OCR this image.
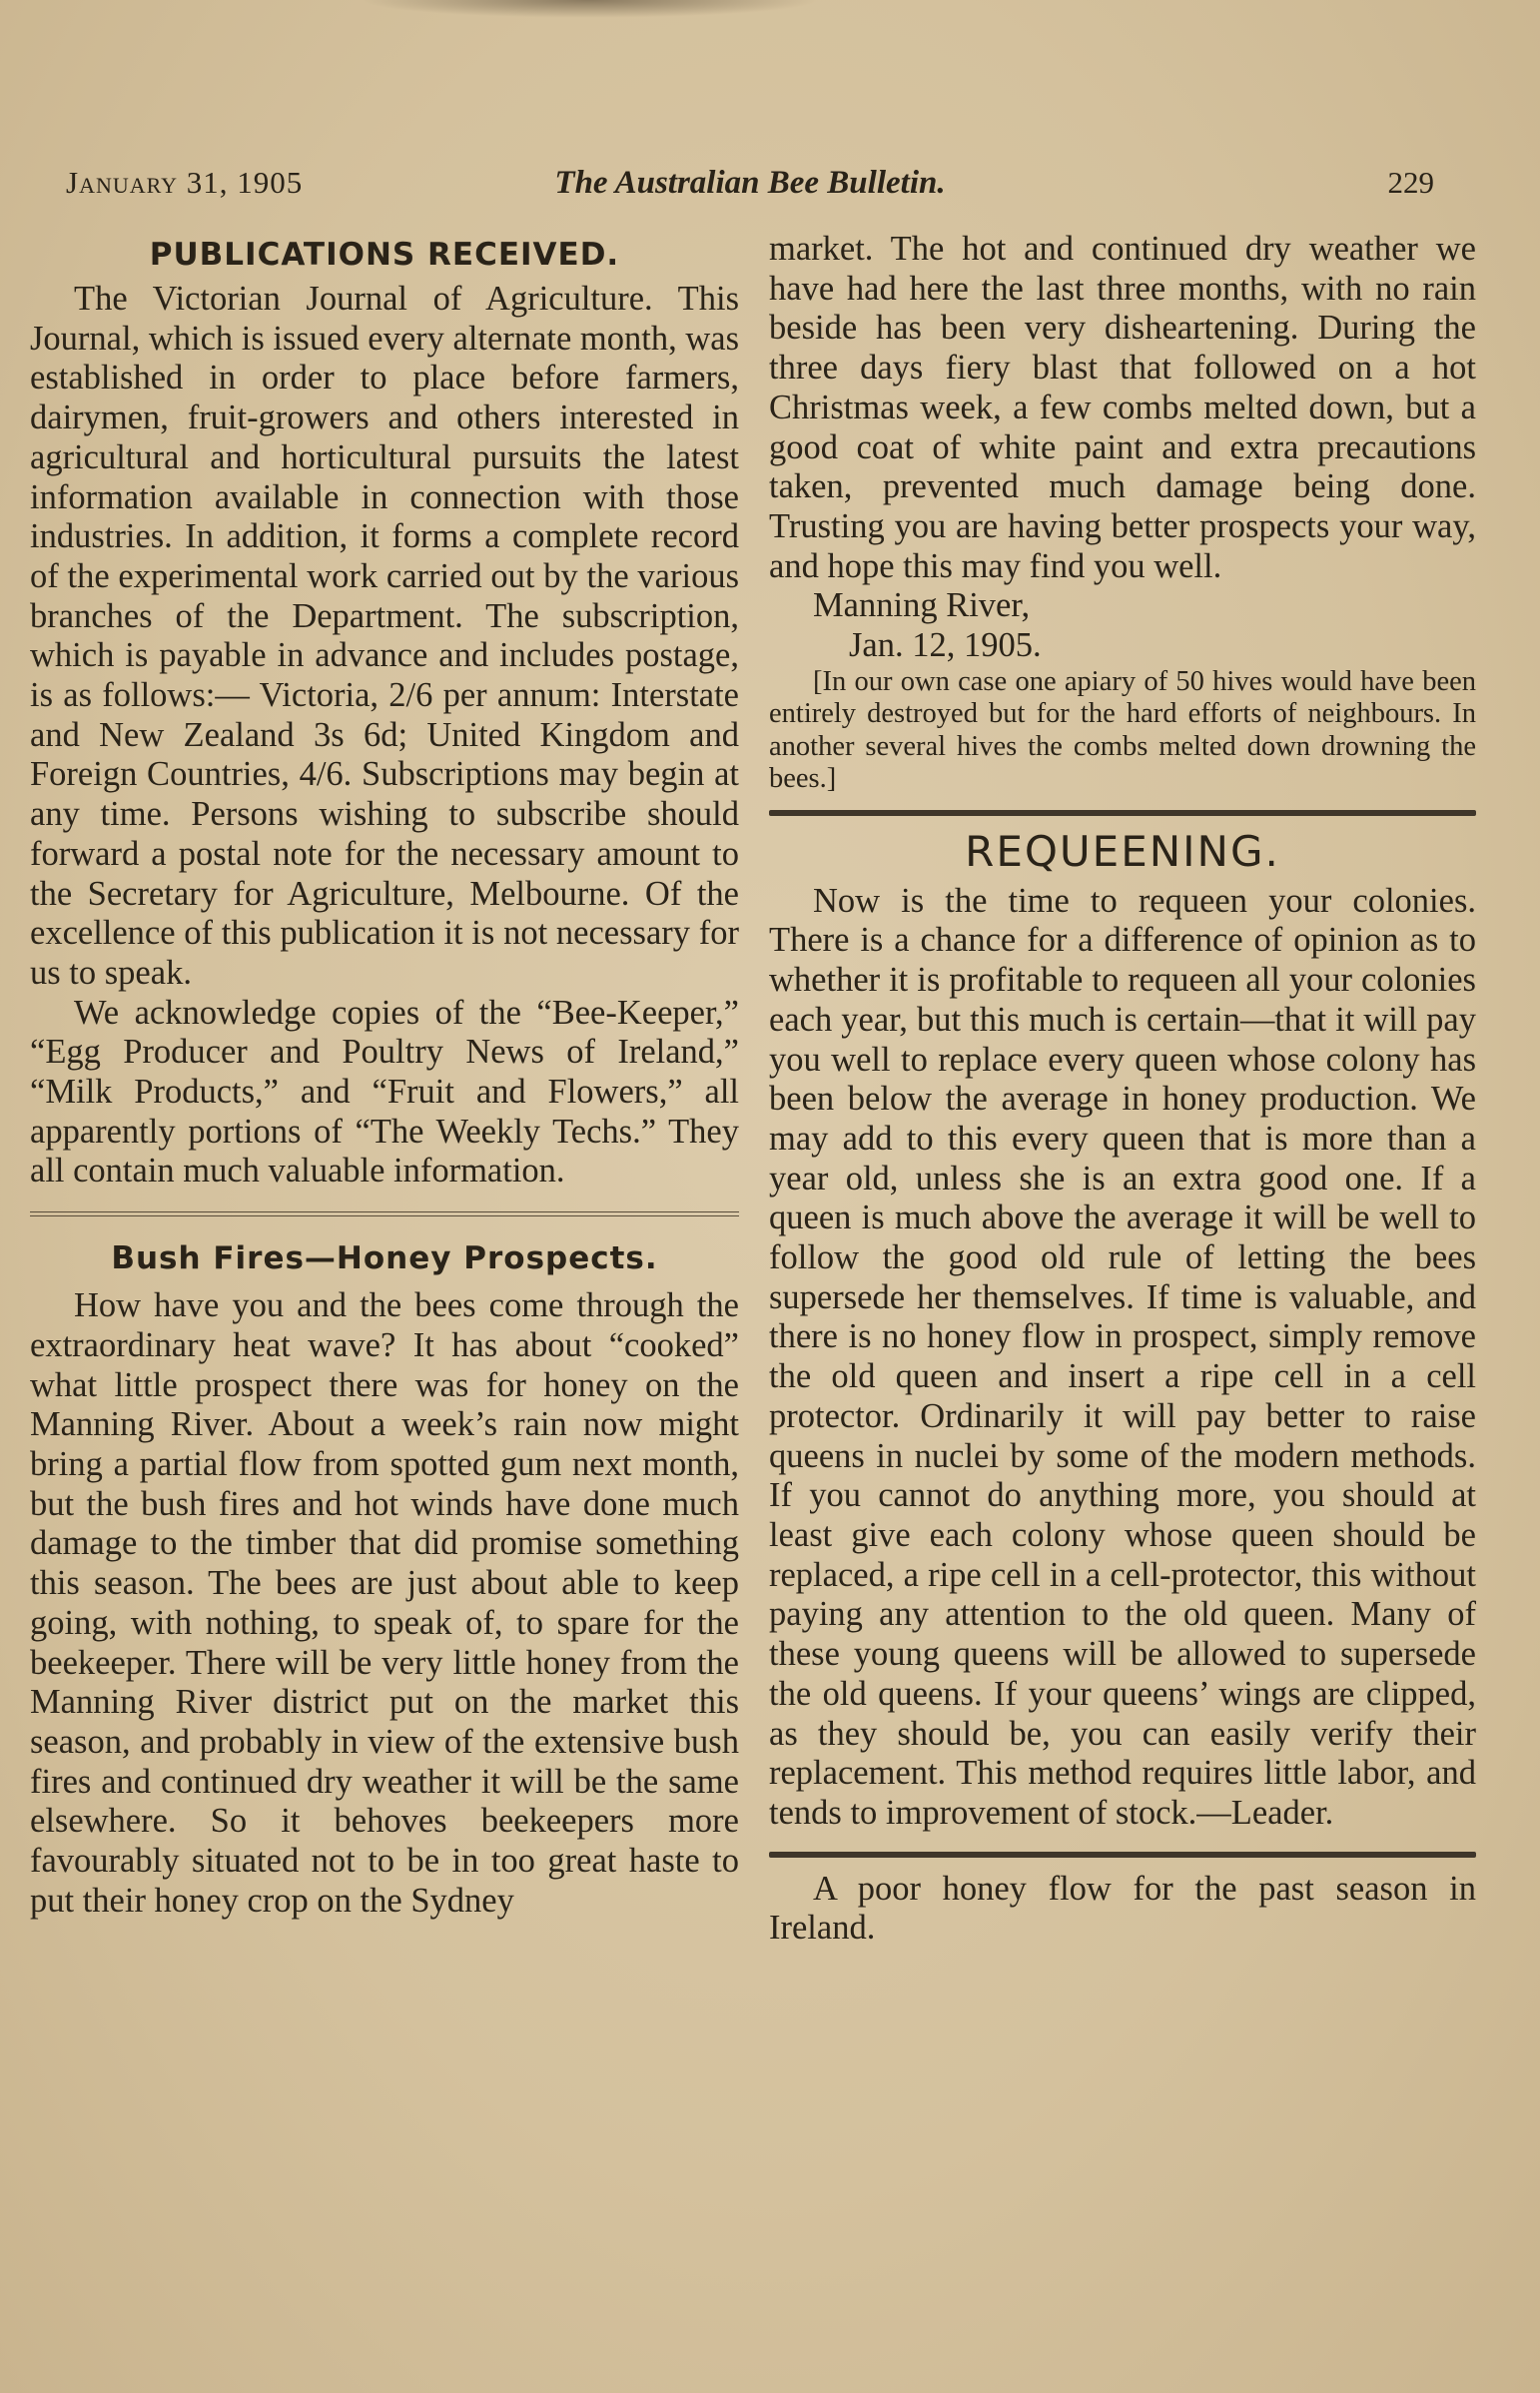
January 31, 1905	The Australian Bee Bulletin.	229
PUBLICATIONS RECEIVED.

The Victorian Journal of Agriculture. This Journal, which is issued every alternate month, was established in order to place before farmers, dairymen, fruit-growers and others interested in agricultural and horticultural pursuits the latest information available in connection with those industries. In addition, it forms a complete record of the experimental work carried out by the various branches of the Department. The subscription, which is payable in advance and includes postage, is as follows:— Victoria, 2/6 per annum: Interstate and New Zealand 3s 6d; United Kingdom and Foreign Countries, 4/6. Subscriptions may begin at any time. Persons wishing to subscribe should forward a postal note for the necessary amount to the Secretary for Agriculture, Melbourne. Of the excellence of this publication it is not necessary for us to speak.

We acknowledge copies of the “Bee-Keeper,” “Egg Producer and Poultry News of Ireland,” “Milk Products,” and “Fruit and Flowers,” all apparently portions of “The Weekly Techs.” They all contain much valuable information.

Bush Fires—Honey Prospects.

How have you and the bees come through the extraordinary heat wave? It has about “cooked” what little prospect there was for honey on the Manning River. About a week’s rain now might bring a partial flow from spotted gum next month, but the bush fires and hot winds have done much damage to the timber that did promise something this season. The bees are just about able to keep going, with nothing, to speak of, to spare for the beekeeper. There will be very little honey from the Manning River district put on the market this season, and probably in view of the extensive bush fires and continued dry weather it will be the same elsewhere. So it behoves beekeepers more favourably situated not to be in too great haste to put their honey crop on the Sydney

market. The hot and continued dry weather we have had here the last three months, with no rain beside has been very disheartening. During the three days fiery blast that followed on a hot Christmas week, a few combs melted down, but a good coat of white paint and extra precautions taken, prevented much damage being done. Trusting you are having better prospects your way, and hope this may find you well.

Manning River,

Jan. 12, 1905.

[In our own case one apiary of 50 hives would have been entirely destroyed but for the hard efforts of neighbours. In another several hives the combs melted down drowning the bees.]

REQUEENING.

Now is the time to requeen your colonies. There is a chance for a difference of opinion as to whether it is profitable to requeen all your colonies each year, but this much is certain—that it will pay you well to replace every queen whose colony has been below the average in honey production. We may add to this every queen that is more than a year old, unless she is an extra good one. If a queen is much above the average it will be well to follow the good old rule of letting the bees supersede her themselves. If time is valuable, and there is no honey flow in prospect, simply remove the old queen and insert a ripe cell in a cell protector. Ordinarily it will pay better to raise queens in nuclei by some of the modern methods. If you cannot do anything more, you should at least give each colony whose queen should be replaced, a ripe cell in a cell-protector, this without paying any attention to the old queen. Many of these young queens will be allowed to supersede the old queens. If your queens’ wings are clipped, as they should be, you can easily verify their replacement. This method requires little labor, and tends to improvement of stock.—Leader.

A poor honey flow for the past season in Ireland.
